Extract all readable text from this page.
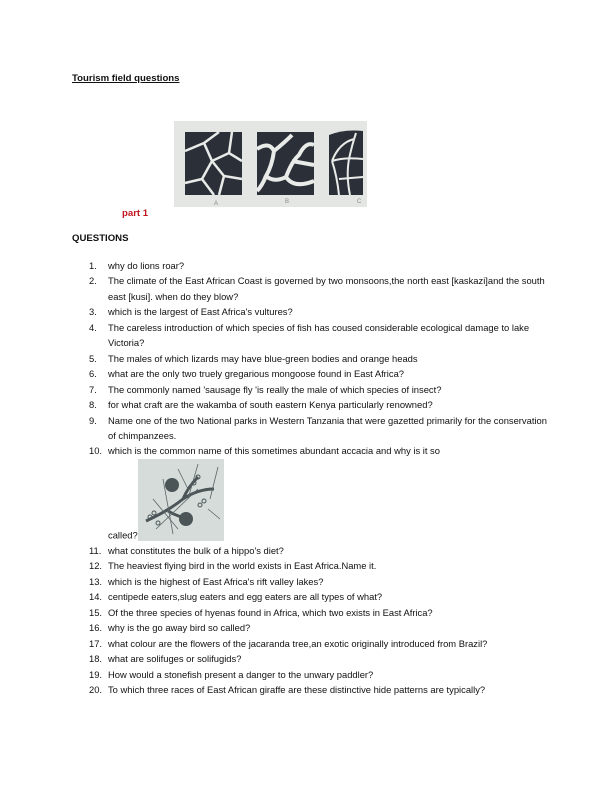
Tourism field questions
A	B	C
part 1
QUESTIONS
1. why do lions roar?
2. The climate of the East African Coast is governed by two monsoons,the north east [kaskazi]and the south east [kusi]. when do they blow?
3. which is the largest of East Africa's vultures?
4. The careless introduction of which species of fish has coused considerable ecological damage to lake Victoria?
5. The males of which lizards may have blue-green bodies and orange heads
6. what are the only two truely gregarious mongoose found in East Africa?
7. The commonly named 'sausage fly 'is really the male of which species of insect?
8. for what craft are the wakamba of south eastern Kenya particularly renowned?
9. Name one of the two National parks in Western Tanzania that were gazetted primarily for the conservation of chimpanzees.
10. which is the common name of this sometimes abundant accacia and why is it so
called?
11. what constitutes the bulk of a hippo's diet?
12. The heaviest flying bird in the world exists in East Africa.Name it.
13. which is the highest of East Africa's rift valley lakes?
14. centipede eaters,slug eaters and egg eaters are all types of what?
15. Of the three species of hyenas found in Africa, which two exists in East Africa?
16. why is the go away bird so called?
17. what colour are the flowers of the jacaranda tree,an exotic originally introduced from Brazil?
18. what are solifuges or solifugids?
19. How would a stonefish present a danger to the unwary paddler?
20. To which three races of East African giraffe are these distinctive hide patterns are typically?
